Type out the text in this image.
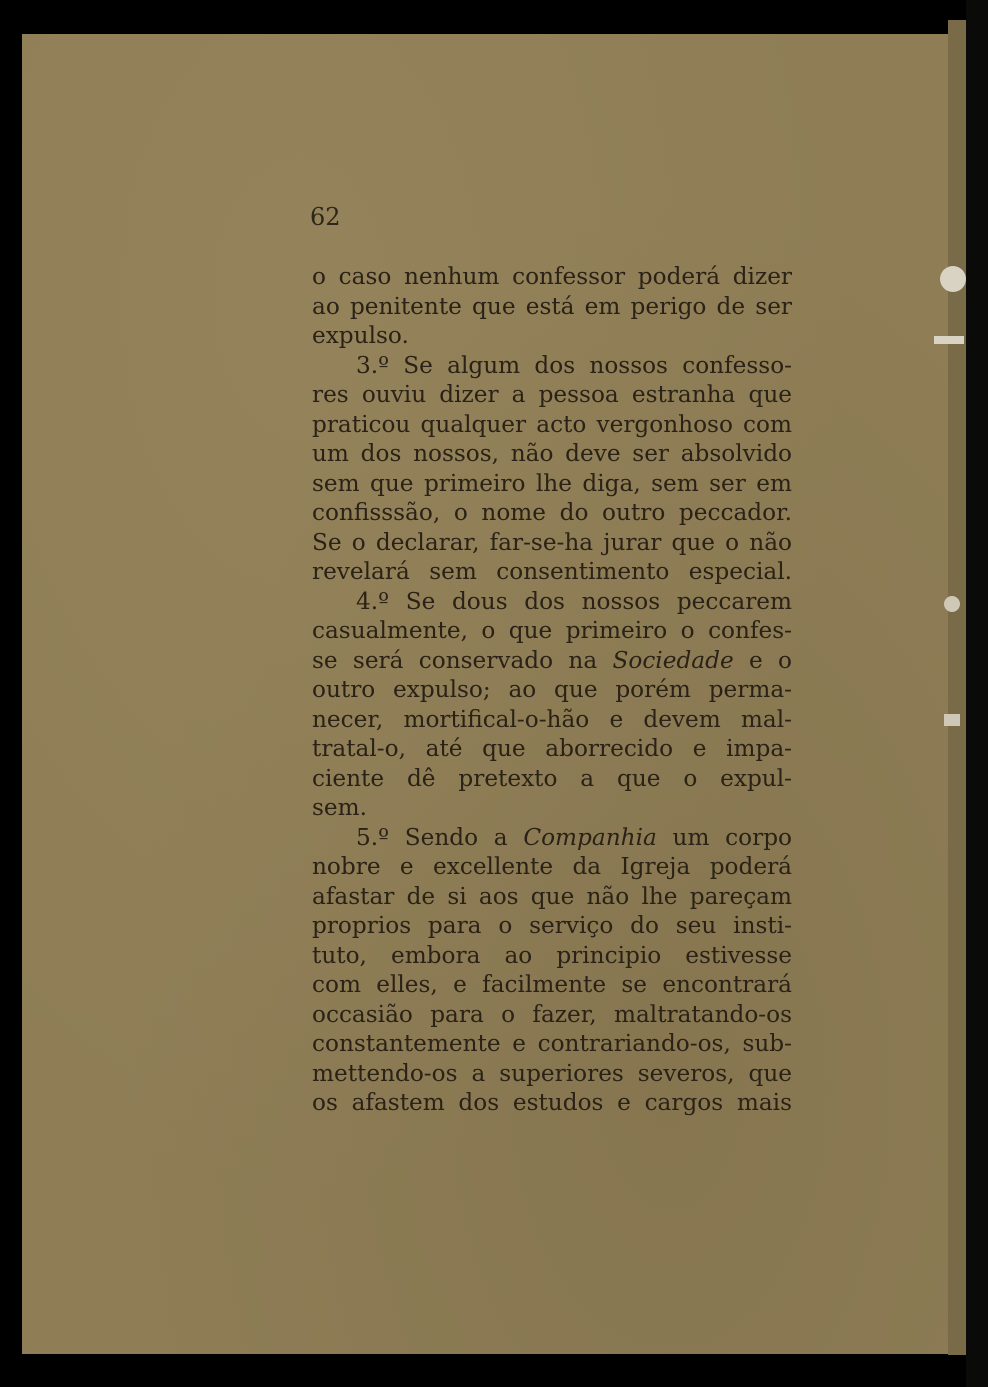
62

o caso nenhum confessor poderá dizer
ao penitente que está em perigo de ser
expulso.
3.º Se algum dos nossos confesso-
res ouviu dizer a pessoa estranha que
praticou qualquer acto vergonhoso com
um dos nossos, não deve ser absolvido
sem que primeiro lhe diga, sem ser em
confisssão, o nome do outro peccador.
Se o declarar, far-se-ha jurar que o não
revelará sem consentimento especial.
4.º Se dous dos nossos peccarem
casualmente, o que primeiro o confes-
se será conservado na Sociedade e o
outro expulso; ao que porém perma-
necer, mortifical-o-hão e devem mal-
tratal-o, até que aborrecido e impa-
ciente dê pretexto a que o expul-
sem.
5.º Sendo a Companhia um corpo
nobre e excellente da Igreja poderá
afastar de si aos que não lhe pareçam
proprios para o serviço do seu insti-
tuto, embora ao principio estivesse
com elles, e facilmente se encontrará
occasião para o fazer, maltratando-os
constantemente e contrariando-os, sub-
mettendo-os a superiores severos, que
os afastem dos estudos e cargos mais
